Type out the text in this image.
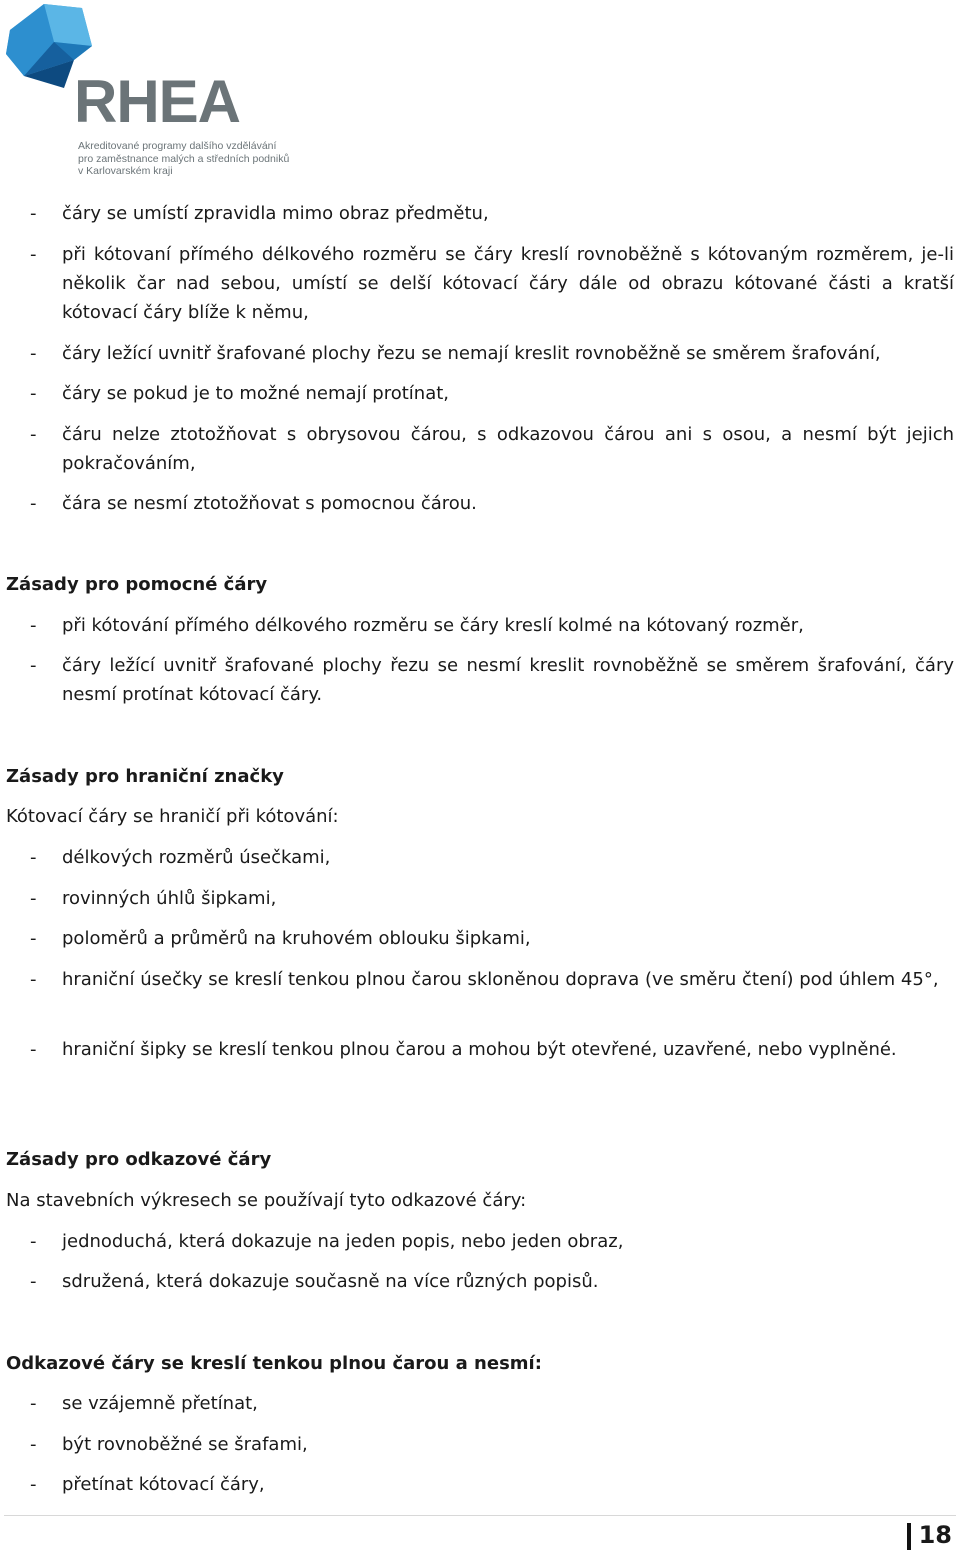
RHEA
Akreditované programy dalšího vzdělávání
pro zaměstnance malých a středních podniků
v Karlovarském kraji
- čáry se umístí zpravidla mimo obraz předmětu,
- při kótovaní přímého délkového rozměru se čáry kreslí rovnoběžně s kótovaným rozměrem, je-li několik čar nad sebou, umístí se delší kótovací čáry dále od obrazu kótované části a kratší kótovací čáry blíže k němu,
- čáry ležící uvnitř šrafované plochy řezu se nemají kreslit rovnoběžně se směrem šrafování,
- čáry se pokud je to možné nemají protínat,
- čáru nelze ztotožňovat s obrysovou čárou, s odkazovou čárou ani s osou, a nesmí být jejich pokračováním,
- čára se nesmí ztotožňovat s pomocnou čárou.
Zásady pro pomocné čáry
- při kótování přímého délkového rozměru se čáry kreslí kolmé na kótovaný rozměr,
- čáry ležící uvnitř šrafované plochy řezu se nesmí kreslit rovnoběžně se směrem šrafování, čáry nesmí protínat kótovací čáry.
Zásady pro hraniční značky
Kótovací čáry se hraničí při kótování:
- délkových rozměrů úsečkami,
- rovinných úhlů šipkami,
- poloměrů a průměrů na kruhovém oblouku šipkami,
- hraniční úsečky se kreslí tenkou plnou čarou skloněnou doprava (ve směru čtení) pod úhlem 45°,
- hraniční šipky se kreslí tenkou plnou čarou a mohou být otevřené, uzavřené, nebo vyplněné.
Zásady pro odkazové čáry
Na stavebních výkresech se používají tyto odkazové čáry:
- jednoduchá, která dokazuje na jeden popis, nebo jeden obraz,
- sdružená, která dokazuje současně na více různých popisů.
Odkazové čáry se kreslí tenkou plnou čarou a nesmí:
- se vzájemně přetínat,
- být rovnoběžné se šrafami,
- přetínat kótovací čáry,
18
